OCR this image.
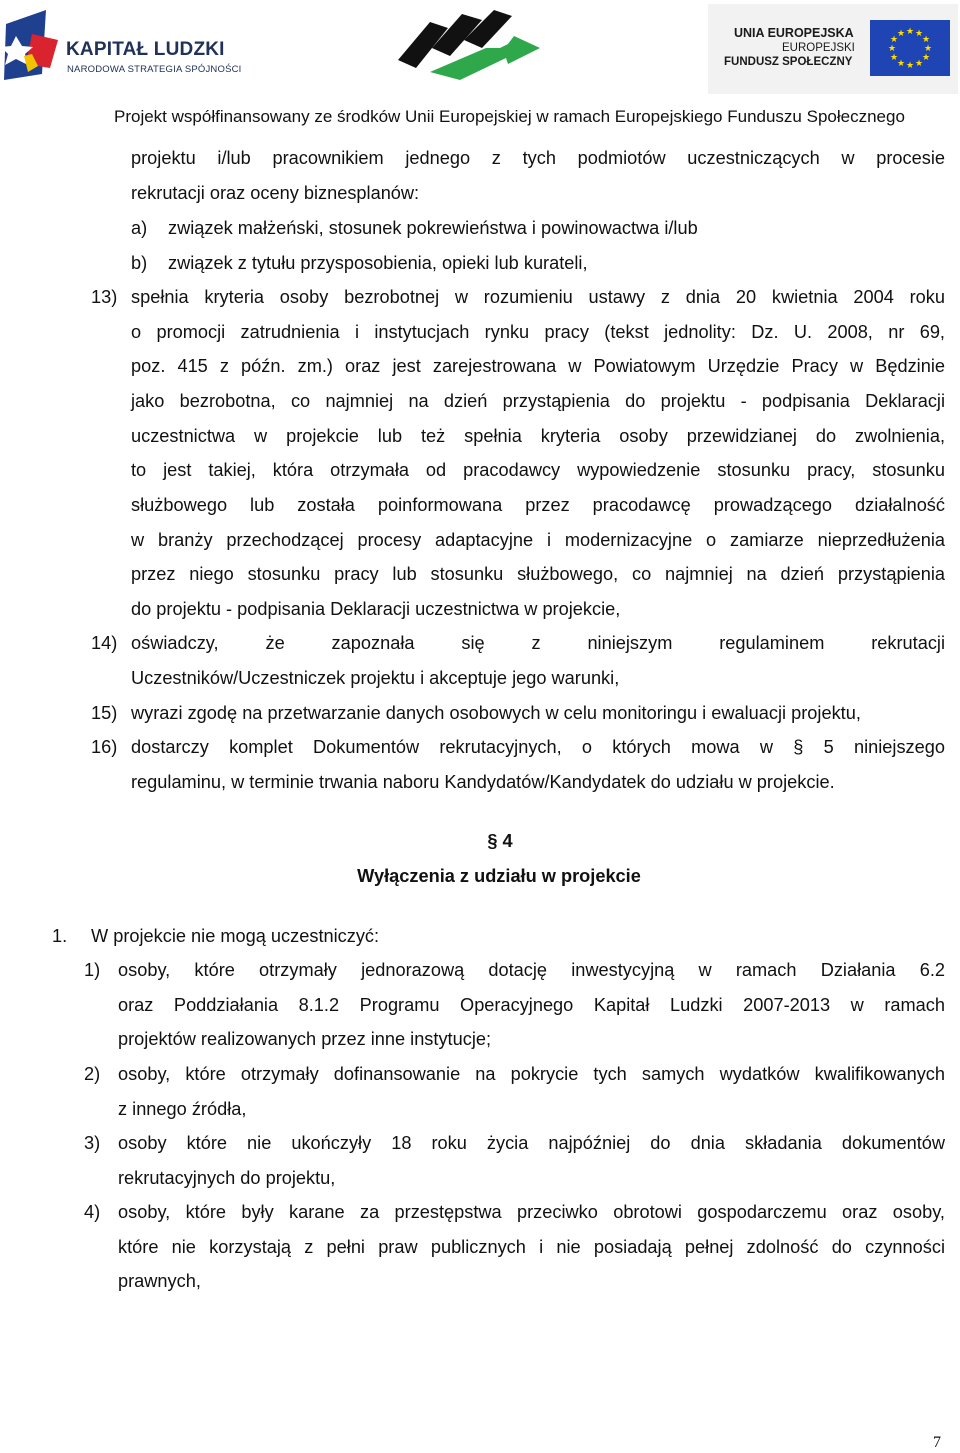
KAPITAŁ LUDZKI
NARODOWA STRATEGIA SPÓJNOŚCI
UNIA EUROPEJSKA
EUROPEJSKI
FUNDUSZ SPOŁECZNY
★ ★
★
★
★
★
★
★
★
★
★
★
Projekt współfinansowany ze środków Unii Europejskiej w ramach Europejskiego Funduszu Społecznego
projektu i/lub pracownikiem jednego z tych podmiotów uczestniczących w procesie
rekrutacji oraz oceny biznesplanów:
a) związek małżeński, stosunek pokrewieństwa i powinowactwa i/lub
b) związek z tytułu przysposobienia, opieki lub kurateli,
13) spełnia kryteria osoby bezrobotnej w rozumieniu ustawy z dnia 20 kwietnia 2004 roku
o promocji zatrudnienia i instytucjach rynku pracy (tekst jednolity: Dz. U. 2008, nr 69,
poz. 415 z późn. zm.) oraz jest zarejestrowana w Powiatowym Urzędzie Pracy w Będzinie
jako bezrobotna, co najmniej na dzień przystąpienia do projektu - podpisania Deklaracji
uczestnictwa w projekcie lub też spełnia kryteria osoby przewidzianej do zwolnienia,
to jest takiej, która otrzymała od pracodawcy wypowiedzenie stosunku pracy, stosunku
służbowego lub została poinformowana przez pracodawcę prowadzącego działalność
w branży przechodzącej procesy adaptacyjne i modernizacyjne o zamiarze nieprzedłużenia
przez niego stosunku pracy lub stosunku służbowego, co najmniej na dzień przystąpienia
do projektu - podpisania Deklaracji uczestnictwa w projekcie,
14) oświadczy, że zapoznała się z niniejszym regulaminem rekrutacji
Uczestników/Uczestniczek projektu i akceptuje jego warunki,
15) wyrazi zgodę na przetwarzanie danych osobowych w celu monitoringu i ewaluacji projektu,
16) dostarczy komplet Dokumentów rekrutacyjnych, o których mowa w § 5 niniejszego
regulaminu, w terminie trwania naboru Kandydatów/Kandydatek do udziału w projekcie.
§ 4
Wyłączenia z udziału w projekcie
1. W projekcie nie mogą uczestniczyć:
1) osoby, które otrzymały jednorazową dotację inwestycyjną w ramach Działania 6.2
oraz Poddziałania 8.1.2 Programu Operacyjnego Kapitał Ludzki 2007-2013 w ramach
projektów realizowanych przez inne instytucje;
2) osoby, które otrzymały dofinansowanie na pokrycie tych samych wydatków kwalifikowanych
z innego źródła,
3) osoby które nie ukończyły 18 roku życia najpóźniej do dnia składania dokumentów
rekrutacyjnych do projektu,
4) osoby, które były karane za przestępstwa przeciwko obrotowi gospodarczemu oraz osoby,
które nie korzystają z pełni praw publicznych i nie posiadają pełnej zdolność do czynności
prawnych,
7
